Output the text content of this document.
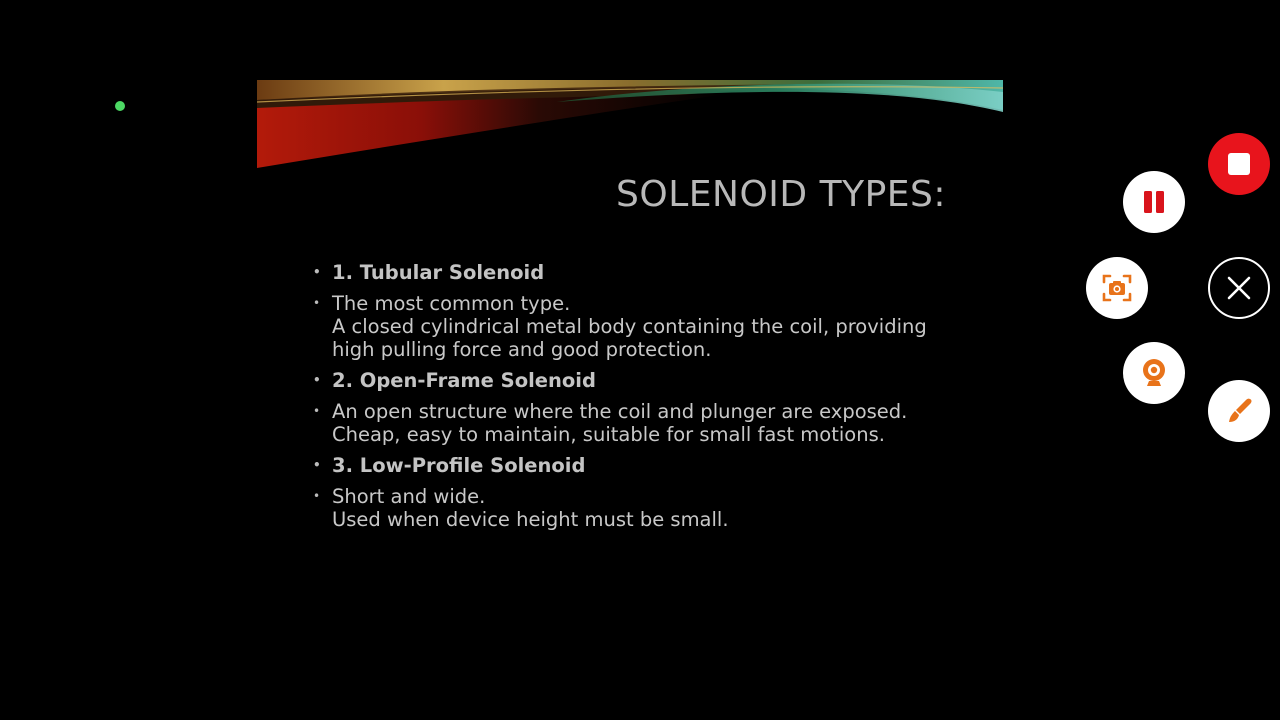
SOLENOID TYPES:
• 1. Tubular Solenoid
• The most common type.
A closed cylindrical metal body containing the coil, providing
high pulling force and good protection.
• 2. Open-Frame Solenoid
• An open structure where the coil and plunger are exposed.
Cheap, easy to maintain, suitable for small fast motions.
• 3. Low-Profile Solenoid
• Short and wide.
Used when device height must be small.
